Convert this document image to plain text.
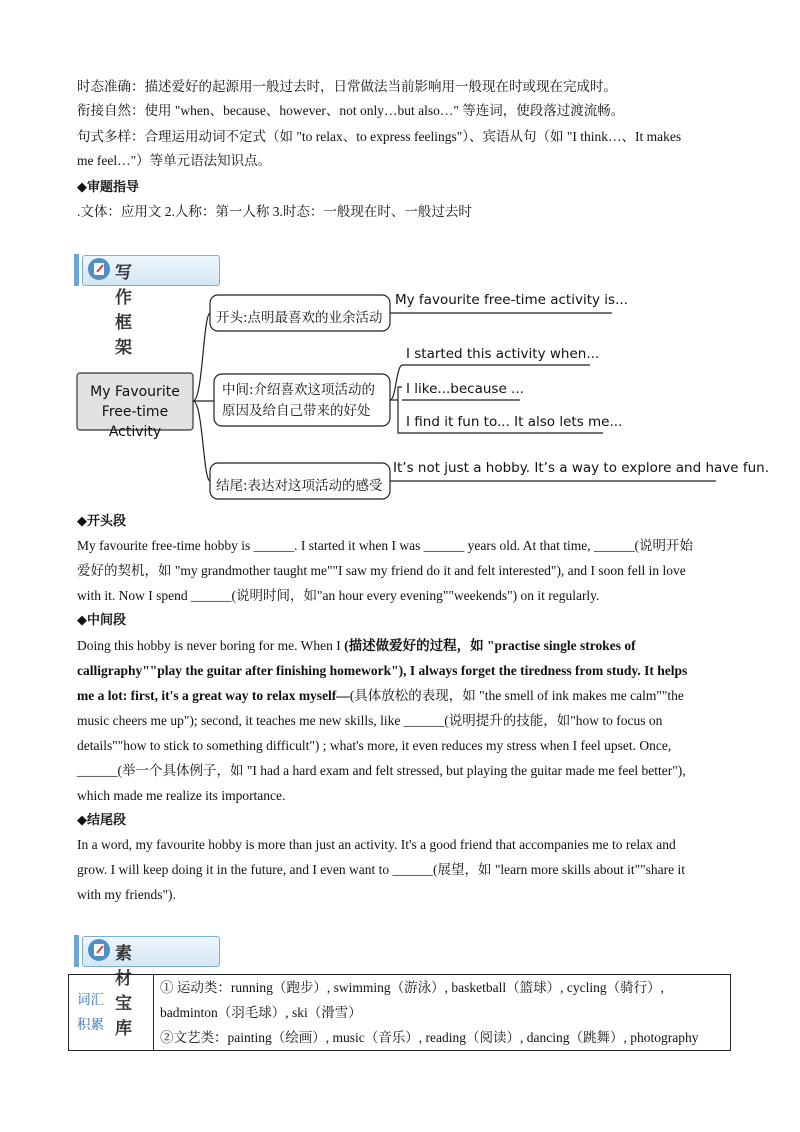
时态准确：描述爱好的起源用一般过去时，日常做法当前影响用一般现在时或现在完成时。
衔接自然：使用 "when、because、however、not only…but also…" 等连词，使段落过渡流畅。
句式多样：合理运用动词不定式（如 "to relax、to express feelings"）、宾语从句（如 "I think…、It makes
me feel…"）等单元语法知识点。
◆审题指导
.文体：应用文 2.人称：第一人称 3.时态：一般现在时、一般过去时
写作框架
My Favourite
Free-time Activity
开头:点明最喜欢的业余活动
My favourite free-time activity is...
中间:介绍喜欢这项活动的
原因及给自己带来的好处
I started this activity when...
I like...because ...
I find it fun to... It also lets me...
结尾:表达对这项活动的感受
It’s not just a hobby. It’s a way to explore and have fun.
◆开头段
My favourite free-time hobby is ______. I started it when I was ______ years old. At that time, ______(说明开始
爱好的契机，如 "my grandmother taught me""I saw my friend do it and felt interested"), and I soon fell in love
with it. Now I spend ______(说明时间，如"an hour every evening""weekends") on it regularly.
◆中间段
Doing this hobby is never boring for me. When I (描述做爱好的过程，如 "practise single strokes of
calligraphy""play the guitar after finishing homework"), I always forget the tiredness from study. It helps
me a lot: first, it's a great way to relax myself—(具体放松的表现，如 "the smell of ink makes me calm""the
music cheers me up"); second, it teaches me new skills, like ______(说明提升的技能，如"how to focus on
details""how to stick to something difficult") ; what's more, it even reduces my stress when I feel upset. Once,
______(举一个具体例子，如 "I had a hard exam and felt stressed, but playing the guitar made me feel better"),
which made me realize its importance.
◆结尾段
In a word, my favourite hobby is more than just an activity. It's a good friend that accompanies me to relax and
grow. I will keep doing it in the future, and I even want to ______(展望，如 "learn more skills about it""share it
with my friends").
素材宝库
词汇
积累

① 运动类：running（跑步）, swimming（游泳）, basketball（篮球）, cycling（骑行）,
badminton（羽毛球）, ski（滑雪）
②文艺类：painting（绘画）, music（音乐）, reading（阅读）, dancing（跳舞）, photography
